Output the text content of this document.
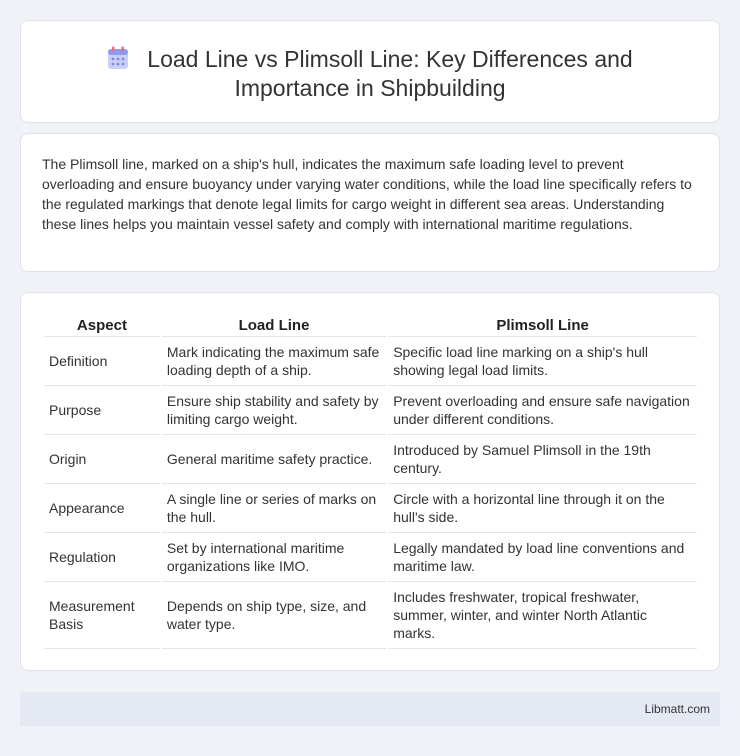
Load Line vs Plimsoll Line: Key Differences and
Importance in Shipbuilding

The Plimsoll line, marked on a ship's hull, indicates the maximum safe loading level to prevent overloading and ensure buoyancy under varying water conditions, while the load line specifically refers to the regulated markings that denote legal limits for cargo weight in different sea areas. Understanding these lines helps you maintain vessel safety and comply with international maritime regulations.

Aspect	Load Line	Plimsoll Line
Definition	Mark indicating the maximum safe loading depth of a ship.	Specific load line marking on a ship's hull showing legal load limits.
Purpose	Ensure ship stability and safety by limiting cargo weight.	Prevent overloading and ensure safe navigation under different conditions.
Origin	General maritime safety practice.	Introduced by Samuel Plimsoll in the 19th century.
Appearance	A single line or series of marks on the hull.	Circle with a horizontal line through it on the hull's side.
Regulation	Set by international maritime organizations like IMO.	Legally mandated by load line conventions and maritime law.
Measurement Basis	Depends on ship type, size, and water type.	Includes freshwater, tropical freshwater, summer, winter, and winter North Atlantic marks.
Libmatt.com
